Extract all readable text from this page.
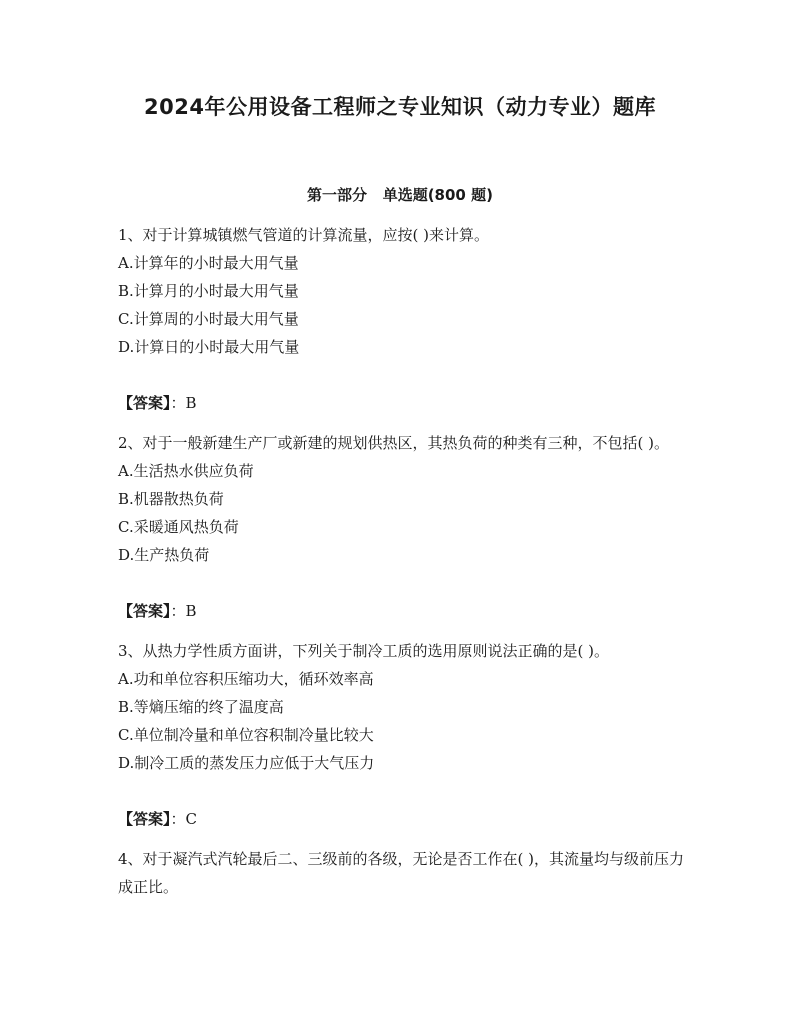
2024年公用设备工程师之专业知识（动力专业）题库
第一部分   单选题(800 题)

1、对于计算城镇燃气管道的计算流量，应按( )来计算。

A.计算年的小时最大用气量

B.计算月的小时最大用气量

C.计算周的小时最大用气量

D.计算日的小时最大用气量

【答案】：B

2、对于一般新建生产厂或新建的规划供热区，其热负荷的种类有三种，不包括( )。

A.生活热水供应负荷

B.机器散热负荷

C.采暖通风热负荷

D.生产热负荷

【答案】：B

3、从热力学性质方面讲，下列关于制冷工质的选用原则说法正确的是( )。

A.功和单位容积压缩功大，循环效率高

B.等熵压缩的终了温度高

C.单位制冷量和单位容积制冷量比较大

D.制冷工质的蒸发压力应低于大气压力

【答案】：C

4、对于凝汽式汽轮最后二、三级前的各级，无论是否工作在( )，其流量均与级前压力成正比。
